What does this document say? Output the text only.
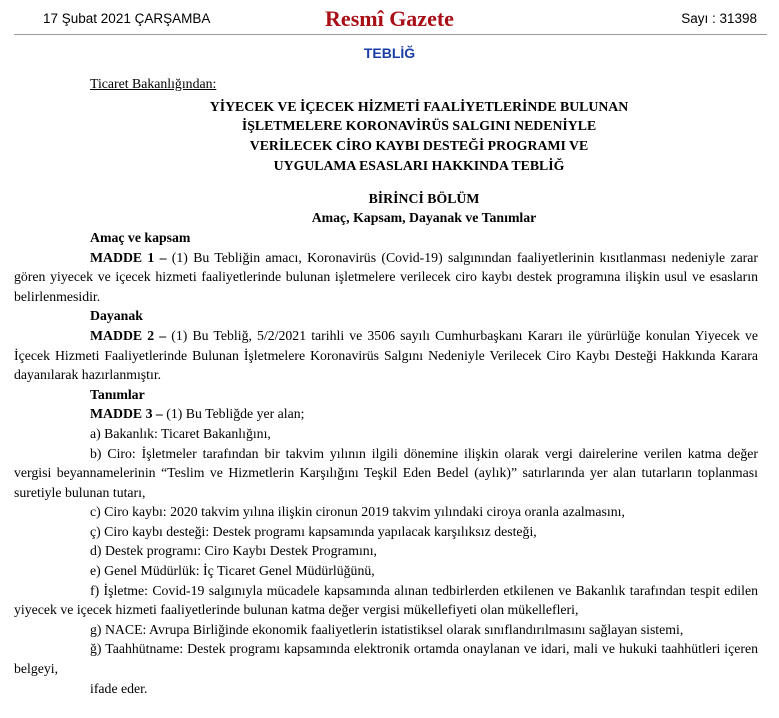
17 Şubat 2021 ÇARŞAMBA	Resmî Gazete	Sayı : 31398
TEBLİĞ
Ticaret Bakanlığından:
YİYECEK VE İÇECEK HİZMETİ FAALİYETLERİNDE BULUNAN
İŞLETMELERE KORONAVİRÜS SALGINI NEDENİYLE
VERİLECEK CİRO KAYBI DESTEĞİ PROGRAMI VE
UYGULAMA ESASLARI HAKKINDA TEBLİĞ
BİRİNCİ BÖLÜM
Amaç, Kapsam, Dayanak ve Tanımlar
Amaç ve kapsam
MADDE 1 – (1) Bu Tebliğin amacı, Koronavirüs (Covid-19) salgınından faaliyetlerinin kısıtlanması nedeniyle zarar gören yiyecek ve içecek hizmeti faaliyetlerinde bulunan işletmelere verilecek ciro kaybı destek programına ilişkin usul ve esasların belirlenmesidir.
Dayanak
MADDE 2 – (1) Bu Tebliğ, 5/2/2021 tarihli ve 3506 sayılı Cumhurbaşkanı Kararı ile yürürlüğe konulan Yiyecek ve İçecek Hizmeti Faaliyetlerinde Bulunan İşletmelere Koronavirüs Salgını Nedeniyle Verilecek Ciro Kaybı Desteği Hakkında Karara dayanılarak hazırlanmıştır.
Tanımlar
MADDE 3 – (1) Bu Tebliğde yer alan;
a) Bakanlık: Ticaret Bakanlığını,
b) Ciro: İşletmeler tarafından bir takvim yılının ilgili dönemine ilişkin olarak vergi dairelerine verilen katma değer vergisi beyannamelerinin “Teslim ve Hizmetlerin Karşılığını Teşkil Eden Bedel (aylık)” satırlarında yer alan tutarların toplanması suretiyle bulunan tutarı,
c) Ciro kaybı: 2020 takvim yılına ilişkin cironun 2019 takvim yılındaki ciroya oranla azalmasını,
ç) Ciro kaybı desteği: Destek programı kapsamında yapılacak karşılıksız desteği,
d) Destek programı: Ciro Kaybı Destek Programını,
e) Genel Müdürlük: İç Ticaret Genel Müdürlüğünü,
f) İşletme: Covid-19 salgınıyla mücadele kapsamında alınan tedbirlerden etkilenen ve Bakanlık tarafından tespit edilen yiyecek ve içecek hizmeti faaliyetlerinde bulunan katma değer vergisi mükellefiyeti olan mükellefleri,
g) NACE: Avrupa Birliğinde ekonomik faaliyetlerin istatistiksel olarak sınıflandırılmasını sağlayan sistemi,
ğ) Taahhütname: Destek programı kapsamında elektronik ortamda onaylanan ve idari, mali ve hukuki taahhütleri içeren belgeyi,
ifade eder.
